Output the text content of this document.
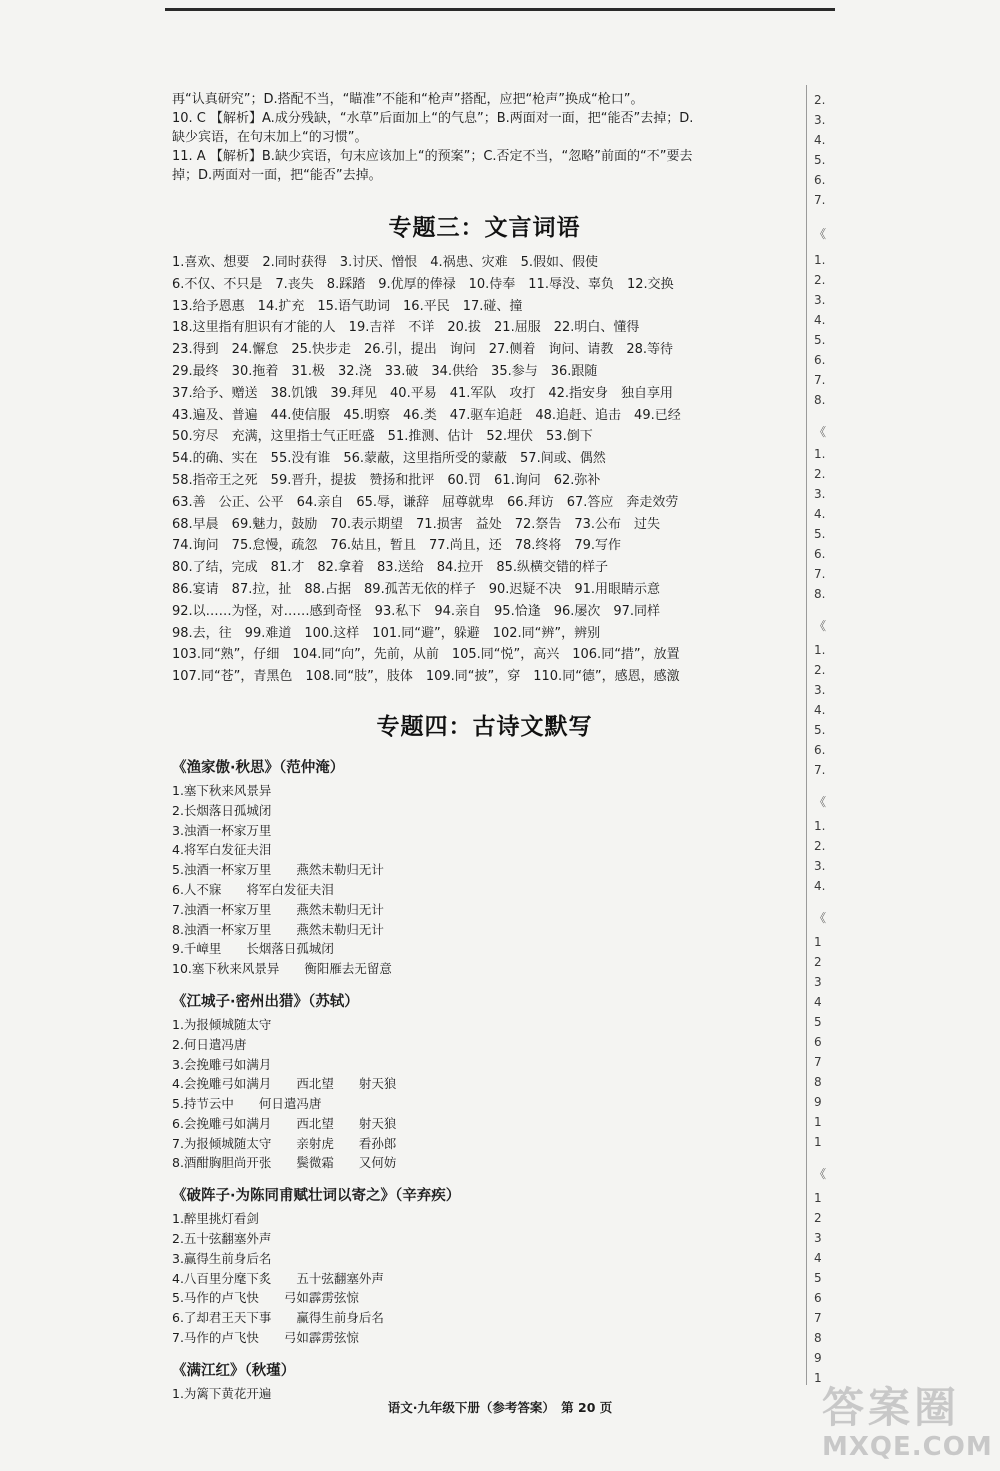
再“认真研究”；D.搭配不当，“瞄准”不能和“枪声”搭配，应把“枪声”换成“枪口”。

10. C 【解析】A.成分残缺，“水草”后面加上“的气息”；B.两面对一面，把“能否”去掉；D.

缺少宾语，在句末加上“的习惯”。

11. A 【解析】B.缺少宾语，句末应该加上“的预案”；C.否定不当，“忽略”前面的“不”要去

掉；D.两面对一面，把“能否”去掉。

专题三：文言词语

1.喜欢、想要　2.同时获得　3.讨厌、憎恨　4.祸患、灾难　5.假如、假使

6.不仅、不只是　7.丧失　8.踩踏　9.优厚的俸禄　10.侍奉　11.辱没、辜负　12.交换

13.给予恩惠　14.扩充　15.语气助词　16.平民　17.碰、撞

18.这里指有胆识有才能的人　19.吉祥　不详　20.拔　21.屈服　22.明白、懂得

23.得到　24.懈怠　25.快步走　26.引，提出　询问　27.侧着　询问、请教　28.等待

29.最终　30.拖着　31.极　32.浇　33.破　34.供给　35.参与　36.跟随

37.给予、赠送　38.饥饿　39.拜见　40.平易　41.军队　攻打　42.指安身　独自享用

43.遍及、普遍　44.使信服　45.明察　46.类　47.驱车追赶　48.追赶、追击　49.已经

50.穷尽　充满，这里指士气正旺盛　51.推测、估计　52.埋伏　53.倒下

54.的确、实在　55.没有谁　56.蒙蔽，这里指所受的蒙蔽　57.间或、偶然

58.指帝王之死　59.晋升，提拔　赞扬和批评　60.罚　61.询问　62.弥补

63.善　公正、公平　64.亲自　65.辱，谦辞　屈尊就卑　66.拜访　67.答应　奔走效劳

68.早晨　69.魅力，鼓励　70.表示期望　71.损害　益处　72.祭告　73.公布　过失

74.询问　75.怠慢，疏忽　76.姑且，暂且　77.尚且，还　78.终将　79.写作

80.了结，完成　81.才　82.拿着　83.送给　84.拉开　85.纵横交错的样子

86.宴请　87.拉，扯　88.占据　89.孤苦无依的样子　90.迟疑不决　91.用眼睛示意

92.以……为怪，对……感到奇怪　93.私下　94.亲自　95.恰逢　96.屡次　97.同样

98.去，往　99.难道　100.这样　101.同“避”，躲避　102.同“辨”，辨别

103.同“熟”，仔细　104.同“向”，先前，从前　105.同“悦”，高兴　106.同“措”，放置

107.同“苍”，青黑色　108.同“肢”，肢体　109.同“披”，穿　110.同“德”，感恩，感激

专题四：古诗文默写

《渔家傲·秋思》（范仲淹）

1.塞下秋来风景异
2.长烟落日孤城闭
3.浊酒一杯家万里
4.将军白发征夫泪
5.浊酒一杯家万里　　燕然未勒归无计
6.人不寐　　将军白发征夫泪
7.浊酒一杯家万里　　燕然未勒归无计
8.浊酒一杯家万里　　燕然未勒归无计
9.千嶂里　　长烟落日孤城闭
10.塞下秋来风景异　　衡阳雁去无留意

《江城子·密州出猎》（苏轼）

1.为报倾城随太守
2.何日遣冯唐
3.会挽雕弓如满月
4.会挽雕弓如满月　　西北望　　射天狼
5.持节云中　　何日遣冯唐
6.会挽雕弓如满月　　西北望　　射天狼
7.为报倾城随太守　　亲射虎　　看孙郎
8.酒酣胸胆尚开张　　鬓微霜　　又何妨

《破阵子·为陈同甫赋壮词以寄之》（辛弃疾）

1.醉里挑灯看剑
2.五十弦翻塞外声
3.赢得生前身后名
4.八百里分麾下炙　　五十弦翻塞外声
5.马作的卢飞快　　弓如霹雳弦惊
6.了却君王天下事　　赢得生前身后名
7.马作的卢飞快　　弓如霹雳弦惊

《满江红》（秋瑾）

1.为篱下黄花开遍
2.
3.
4.
5.
6.
7.
《
1.
2.
3.
4.
5.
6.
7.
8.
《
1.
2.
3.
4.
5.
6.
7.
8.
《
1.
2.
3.
4.
5.
6.
7.
《
1.
2.
3.
4.
《
1
2
3
4
5
6
7
8
9
1
1
《
1
2
3
4
5
6
7
8
9
1
语文·九年级下册（参考答案）　第 20 页	答案圈
MXQE.COM
